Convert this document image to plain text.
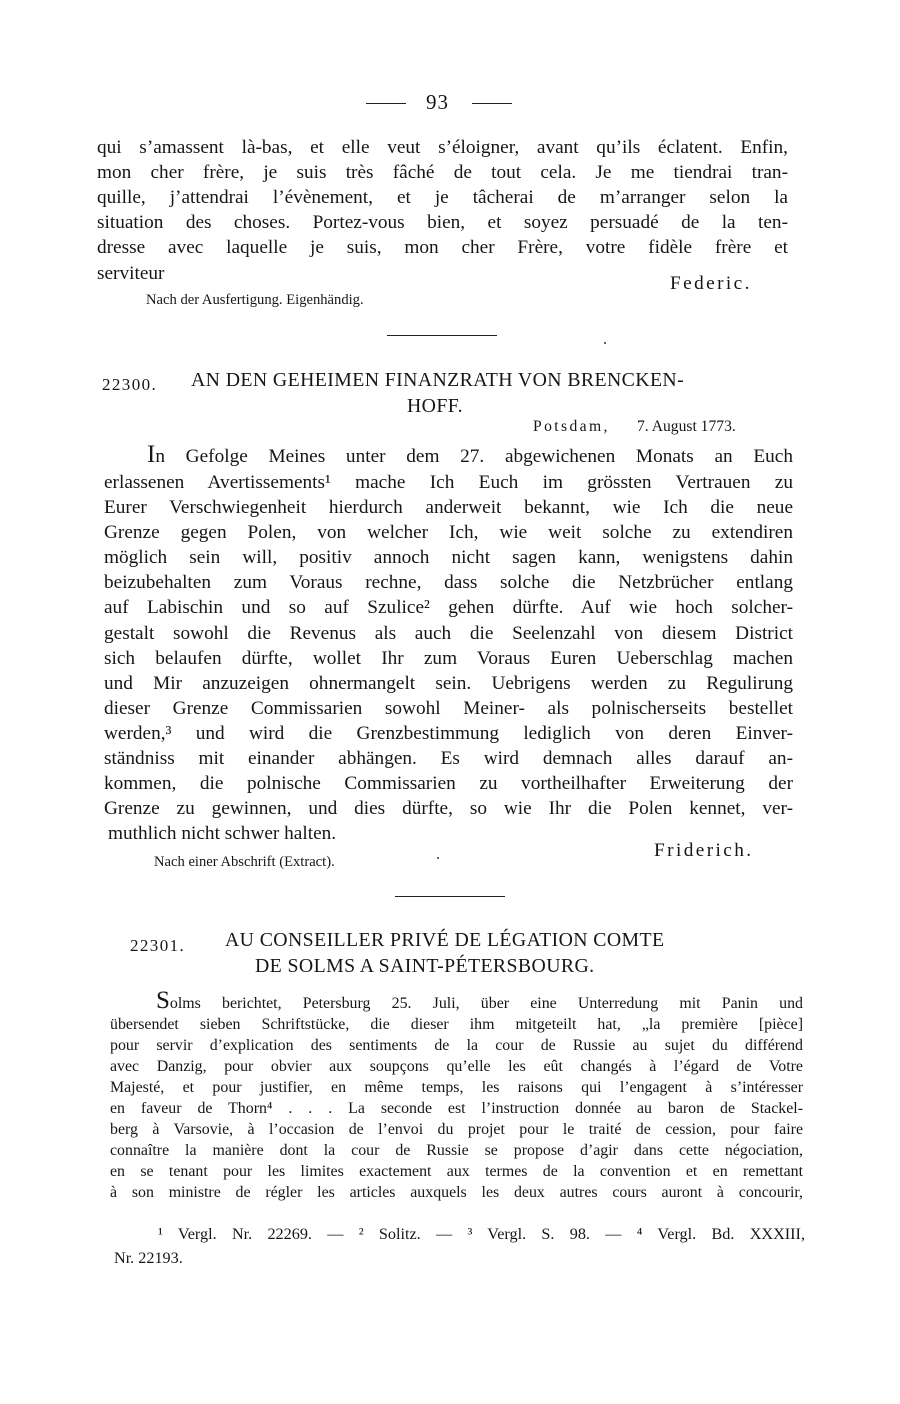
93
qui s’amassent là-bas, et elle veut s’éloigner, avant qu’ils éclatent. Enfin,
mon cher frère, je suis très fâché de tout cela. Je me tiendrai tran-
quille, j’attendrai l’évènement, et je tâcherai de m’arranger selon la
situation des choses. Portez-vous bien, et soyez persuadé de la ten-
dresse avec laquelle je suis, mon cher Frère, votre fidèle frère et
serviteur	Federic.
Nach der Ausfertigung. Eigenhändig.
22300. AN DEN GEHEIMEN FINANZRATH VON BRENCKEN-
HOFF.
Potsdam, 7. August 1773.
In Gefolge Meines unter dem 27. abgewichenen Monats an Euch
erlassenen Avertissements¹ mache Ich Euch im grössten Vertrauen zu
Eurer Verschwiegenheit hierdurch anderweit bekannt, wie Ich die neue
Grenze gegen Polen, von welcher Ich, wie weit solche zu extendiren
möglich sein will, positiv annoch nicht sagen kann, wenigstens dahin
beizubehalten zum Voraus rechne, dass solche die Netzbrücher entlang
auf Labischin und so auf Szulice² gehen dürfte. Auf wie hoch solcher-
gestalt sowohl die Revenus als auch die Seelenzahl von diesem District
sich belaufen dürfte, wollet Ihr zum Voraus Euren Ueberschlag machen
und Mir anzuzeigen ohnermangelt sein. Uebrigens werden zu Regulirung
dieser Grenze Commissarien sowohl Meiner- als polnischerseits bestellet
werden,³ und wird die Grenzbestimmung lediglich von deren Einver-
ständniss mit einander abhängen. Es wird demnach alles darauf an-
kommen, die polnische Commissarien zu vortheilhafter Erweiterung der
Grenze zu gewinnen, und dies dürfte, so wie Ihr die Polen kennet, ver-
muthlich nicht schwer halten.
Friderich.
Nach einer Abschrift (Extract).
22301. AU CONSEILLER PRIVÉ DE LÉGATION COMTE
DE SOLMS A SAINT-PÉTERSBOURG.
Solms berichtet, Petersburg 25. Juli, über eine Unterredung mit Panin und
übersendet sieben Schriftstücke, die dieser ihm mitgeteilt hat, „la première [pièce]
pour servir d’explication des sentiments de la cour de Russie au sujet du différend
avec Danzig, pour obvier aux soupçons qu’elle les eût changés à l’égard de Votre
Majesté, et pour justifier, en même temps, les raisons qui l’engagent à s’intéresser
en faveur de Thorn⁴ . . . La seconde est l’instruction donnée au baron de Stackel-
berg à Varsovie, à l’occasion de l’envoi du projet pour le traité de cession, pour faire
connaître la manière dont la cour de Russie se propose d’agir dans cette négociation,
en se tenant pour les limites exactement aux termes de la convention et en remettant
à son ministre de régler les articles auxquels les deux autres cours auront à concourir,
¹ Vergl. Nr. 22269. — ² Solitz. — ³ Vergl. S. 98. — ⁴ Vergl. Bd. XXXIII,
Nr. 22193.
